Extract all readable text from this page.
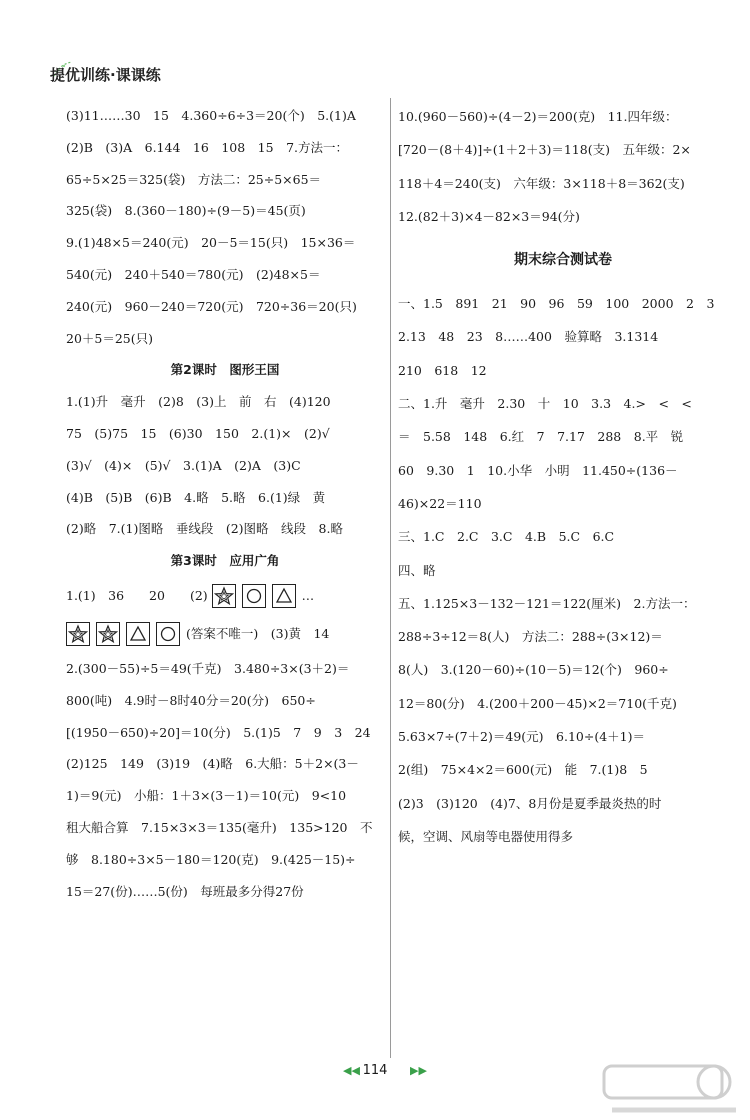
提优训练·课课练
(3)11……30　15　4.360÷6÷3＝20(个)　5.(1)A
(2)B　(3)A　6.144　16　108　15　7.方法一：
65÷5×25＝325(袋)　方法二：25÷5×65＝
325(袋)　8.(360－180)÷(9－5)＝45(页)
9.(1)48×5＝240(元)　20－5＝15(只)　15×36＝
540(元)　240＋540＝780(元)　(2)48×5＝
240(元)　960－240＝720(元)　720÷36＝20(只)
20＋5＝25(只)
第2课时　图形王国
1.(1)升　毫升　(2)8　(3)上　前　右　(4)120
75　(5)75　15　(6)30　150　2.(1)×　(2)√
(3)√　(4)×　(5)√　3.(1)A　(2)A　(3)C
(4)B　(5)B　(6)B　4.略　5.略　6.(1)绿　黄
(2)略　7.(1)图略　垂线段　(2)图略　线段　8.略
第3课时　应用广角
1.(1)　36　　20　　(2)

	…

(答案不唯一)　(3)黄　14
2.(300－55)÷5＝49(千克)　3.480÷3×(3＋2)＝
800(吨)　4.9时－8时40分＝20(分)　650÷
[(1950－650)÷20]＝10(分)　5.(1)5　7　9　3　24
(2)125　149　(3)19　(4)略　6.大船：5＋2×(3－
1)＝9(元)　小船：1＋3×(3－1)＝10(元)　9<10
租大船合算　7.15×3×3＝135(毫升)　135>120　不
够　8.180÷3×5－180＝120(克)　9.(425－15)÷
15＝27(份)……5(份)　每班最多分得27份
10.(960－560)÷(4－2)＝200(克)　11.四年级：
[720－(8＋4)]÷(1＋2＋3)＝118(支)　五年级：2×
118＋4＝240(支)　六年级：3×118＋8＝362(支)
12.(82＋3)×4－82×3＝94(分)
期末综合测试卷
一、1.5　891　21　90　96　59　100　2000　2　3
2.13　48　23　8……400　验算略　3.1314
210　618　12
二、1.升　毫升　2.30　十　10　3.3　4.>　<　<
＝　5.58　148　6.红　7　7.17　288　8.平　锐
60　9.30　1　10.小华　小明　11.450÷(136－
46)×22＝110
三、1.C　2.C　3.C　4.B　5.C　6.C
四、略
五、1.125×3－132－121＝122(厘米)　2.方法一：
288÷3÷12＝8(人)　方法二：288÷(3×12)＝
8(人)　3.(120－60)÷(10－5)＝12(个)　960÷
12＝80(分)　4.(200＋200－45)×2＝710(千克)
5.63×7÷(7＋2)＝49(元)　6.10÷(4＋1)＝
2(组)　75×4×2＝600(元)　能　7.(1)8　5
(2)3　(3)120　(4)7、8月份是夏季最炎热的时
候，空调、风扇等电器使用得多
◀◀ 114	▶▶
